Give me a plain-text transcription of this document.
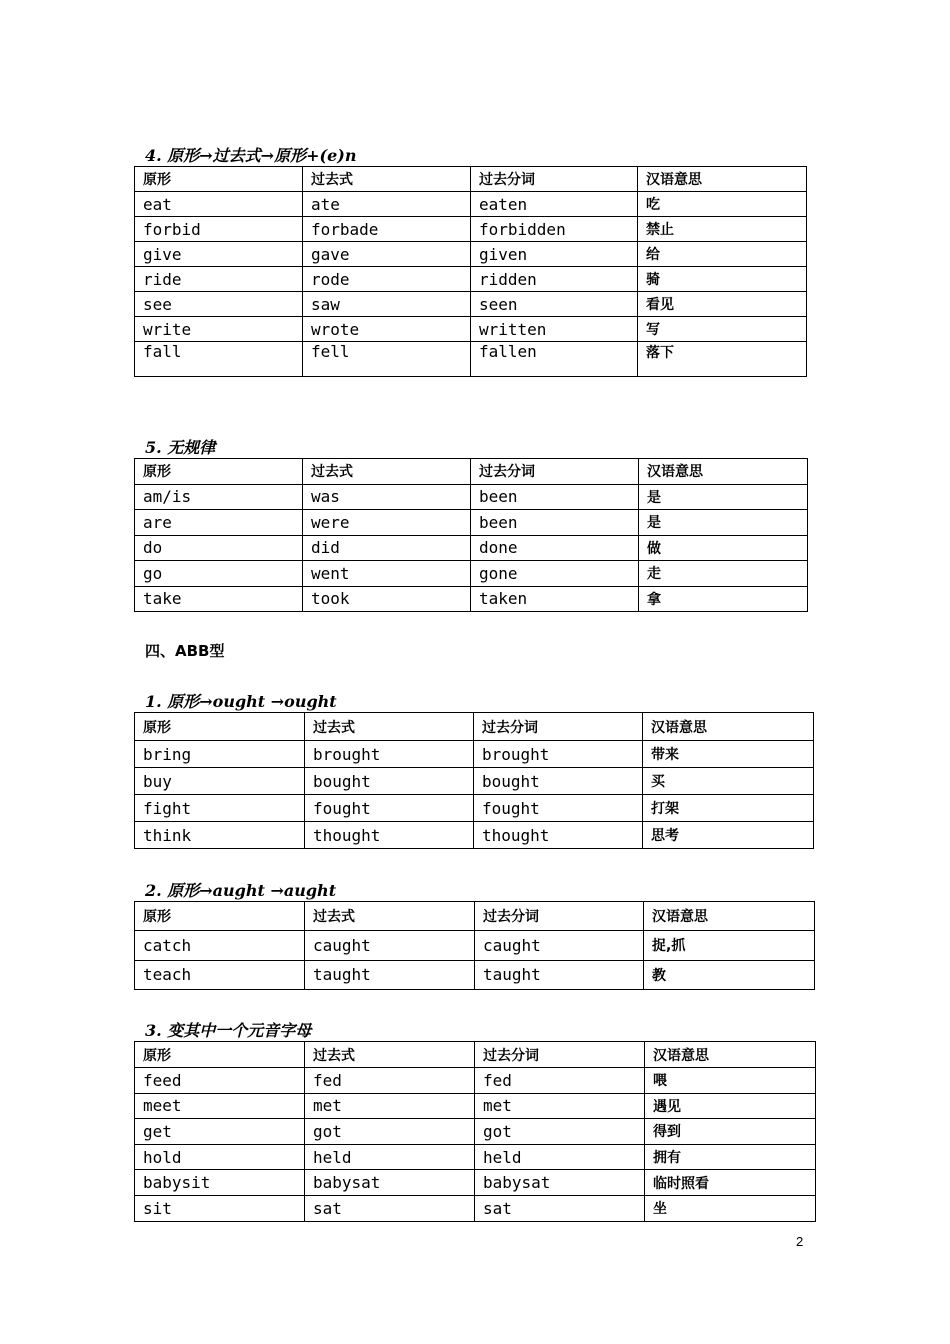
4. 原形→过去式→原形+(e)n
原形	过去式	过去分词	汉语意思
eat	ate	eaten	吃
forbid	forbade	forbidden	禁止
give	gave	given	给
ride	rode	ridden	骑
see	saw	seen	看见
write	wrote	written	写
fall	fell	fallen	落下
5. 无规律
原形	过去式	过去分词	汉语意思
am/is	was	been	是
are	were	been	是
do	did	done	做
go	went	gone	走
take	took	taken	拿
四、ABB型
1. 原形→ought →ought
原形	过去式	过去分词	汉语意思
bring	brought	brought	带来
buy	bought	bought	买
fight	fought	fought	打架
think	thought	thought	思考
2. 原形→aught →aught
原形	过去式	过去分词	汉语意思
catch	caught	caught	捉,抓
teach	taught	taught	教
3. 变其中一个元音字母
原形	过去式	过去分词	汉语意思
feed	fed	fed	喂
meet	met	met	遇见
get	got	got	得到
hold	held	held	拥有
babysit	babysat	babysat	临时照看
sit	sat	sat	坐
2
